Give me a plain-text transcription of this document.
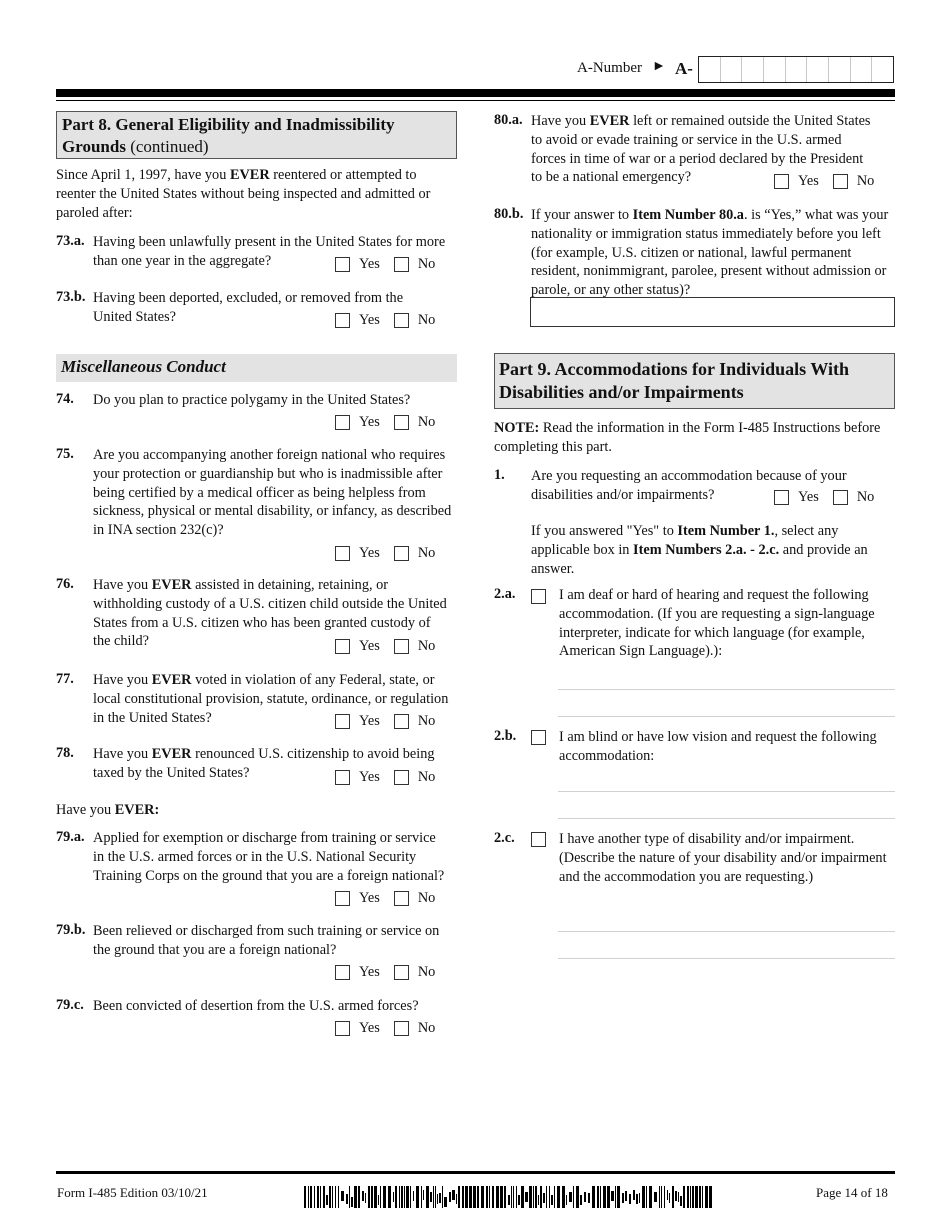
A-Number ► A-
Part 8. General Eligibility and Inadmissibility Grounds (continued)
Since April 1, 1997, have you EVER reentered or attempted to reenter the United States without being inspected and admitted or paroled after:
73.a. Having been unlawfully present in the United States for more than one year in the aggregate?	Yes	No
73.b. Having been deported, excluded, or removed from the United States?	Yes	No
Miscellaneous Conduct
74. Do you plan to practice polygamy in the United States?
Yes	No
75. Are you accompanying another foreign national who requires your protection or guardianship but who is inadmissible after being certified by a medical officer as being helpless from sickness, physical or mental disability, or infancy, as described in INA section 232(c)?
Yes	No
76. Have you EVER assisted in detaining, retaining, or withholding custody of a U.S. citizen child outside the United States from a U.S. citizen who has been granted custody of the child?	Yes	No
77. Have you EVER voted in violation of any Federal, state, or local constitutional provision, statute, ordinance, or regulation in the United States?	Yes	No
78. Have you EVER renounced U.S. citizenship to avoid being taxed by the United States?	Yes	No
Have you EVER:
79.a. Applied for exemption or discharge from training or service in the U.S. armed forces or in the U.S. National Security Training Corps on the ground that you are a foreign national?
Yes	No
79.b. Been relieved or discharged from such training or service on the ground that you are a foreign national?
Yes	No
79.c. Been convicted of desertion from the U.S. armed forces?
Yes	No
80.a. Have you EVER left or remained outside the United States to avoid or evade training or service in the U.S. armed forces in time of war or a period declared by the President to be a national emergency?	Yes	No
80.b. If your answer to Item Number 80.a. is “Yes,” what was your nationality or immigration status immediately before you left (for example, U.S. citizen or national, lawful permanent resident, nonimmigrant, parolee, present without admission or parole, or any other status)?
Part 9. Accommodations for Individuals With Disabilities and/or Impairments
NOTE: Read the information in the Form I-485 Instructions before completing this part.
1. Are you requesting an accommodation because of your disabilities and/or impairments?	Yes	No
If you answered "Yes" to Item Number 1., select any applicable box in Item Numbers 2.a. - 2.c. and provide an answer.
2.a.	I am deaf or hard of hearing and request the following accommodation. (If you are requesting a sign-language interpreter, indicate for which language (for example, American Sign Language).):
2.b.	I am blind or have low vision and request the following accommodation:
2.c.	I have another type of disability and/or impairment. (Describe the nature of your disability and/or impairment and the accommodation you are requesting.)
Form I-485 Edition 03/10/21	Page 14 of 18
